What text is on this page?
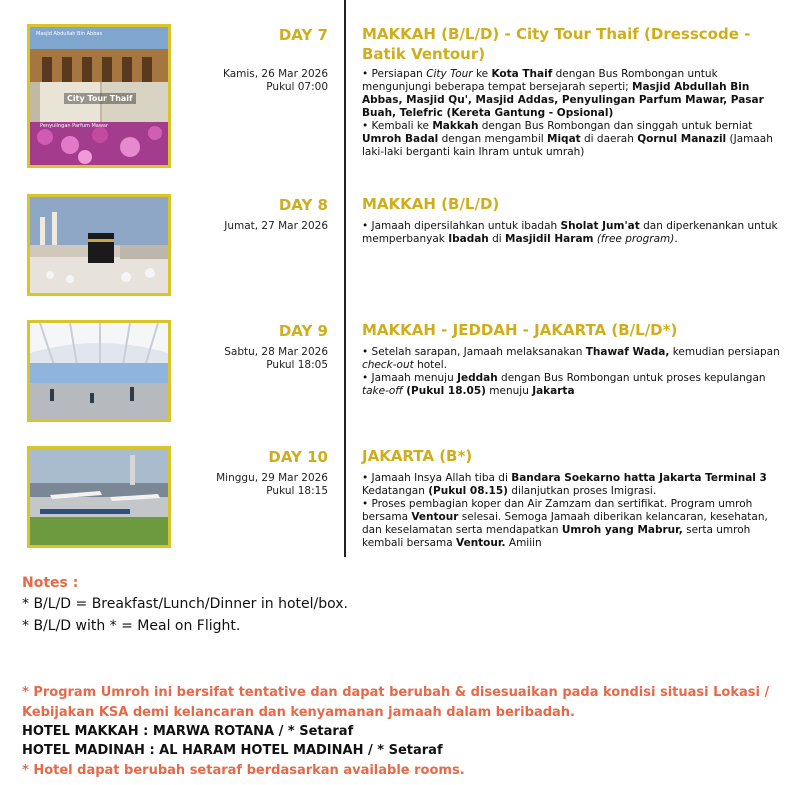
Masjid Abdullah Bin Abbas
City Tour Thaif
Penyulingan Parfum Mawar
DAY 7
Kamis, 26 Mar 2026
Pukul 07:00
MAKKAH (B/L/D) - City Tour Thaif (Dresscode - Batik Ventour)
• Persiapan City Tour ke Kota Thaif dengan Bus Rombongan untuk mengunjungi beberapa tempat bersejarah seperti; Masjid Abdullah Bin Abbas, Masjid Qu', Masjid Addas, Penyulingan Parfum Mawar, Pasar Buah, Telefric (Kereta Gantung - Opsional)
• Kembali ke Makkah dengan Bus Rombongan dan singgah untuk berniat Umroh Badal dengan mengambil Miqat di daerah Qornul Manazil (Jamaah laki-laki berganti kain Ihram untuk umrah)
DAY 8
Jumat, 27 Mar 2026
MAKKAH (B/L/D)
• Jamaah dipersilahkan untuk ibadah Sholat Jum'at dan diperkenankan untuk memperbanyak Ibadah di Masjidil Haram (free program).
DAY 9
Sabtu, 28 Mar 2026
Pukul 18:05
MAKKAH - JEDDAH - JAKARTA (B/L/D*)
• Setelah sarapan, Jamaah melaksanakan Thawaf Wada, kemudian persiapan check-out hotel.
• Jamaah menuju Jeddah dengan Bus Rombongan untuk proses kepulangan take-off (Pukul 18.05) menuju Jakarta
DAY 10
Minggu, 29 Mar 2026
Pukul 18:15
JAKARTA (B*)
• Jamaah Insya Allah tiba di Bandara Soekarno hatta Jakarta Terminal 3 Kedatangan (Pukul 08.15) dilanjutkan proses Imigrasi.
• Proses pembagian koper dan Air Zamzam dan sertifikat. Program umroh bersama Ventour selesai. Semoga Jamaah diberikan kelancaran, kesehatan, dan keselamatan serta mendapatkan Umroh yang Mabrur, serta umroh kembali bersama Ventour. Amiiin
Notes :
* B/L/D = Breakfast/Lunch/Dinner in hotel/box.
* B/L/D with * = Meal on Flight.
* Program Umroh ini bersifat tentative dan dapat berubah & disesuaikan pada kondisi situasi Lokasi / Kebijakan KSA demi kelancaran dan kenyamanan jamaah dalam beribadah.
HOTEL MAKKAH : MARWA ROTANA / * Setaraf
HOTEL MADINAH : AL HARAM HOTEL MADINAH / * Setaraf
* Hotel dapat berubah setaraf berdasarkan available rooms.
